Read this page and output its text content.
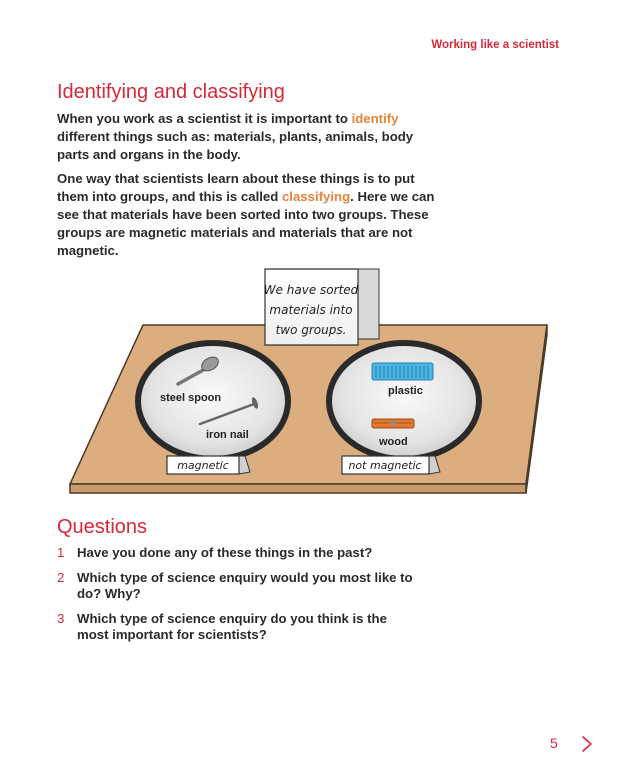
Working like a scientist
Identifying and classifying

When you work as a scientist it is important to identify different things such as: materials, plants, animals, body parts and organs in the body.

One way that scientists learn about these things is to put them into groups, and this is called classifying. Here we can see that materials have been sorted into two groups. These groups are magnetic materials and materials that are not magnetic.

We have sorted
materials into
two groups.
steel spoon
iron nail
magnetic
plastic
wood
not magnetic
Questions
1 Have you done any of these things in the past?
2 Which type of science enquiry would you most like to do? Why?
3 Which type of science enquiry do you think is the most important for scientists?
5
